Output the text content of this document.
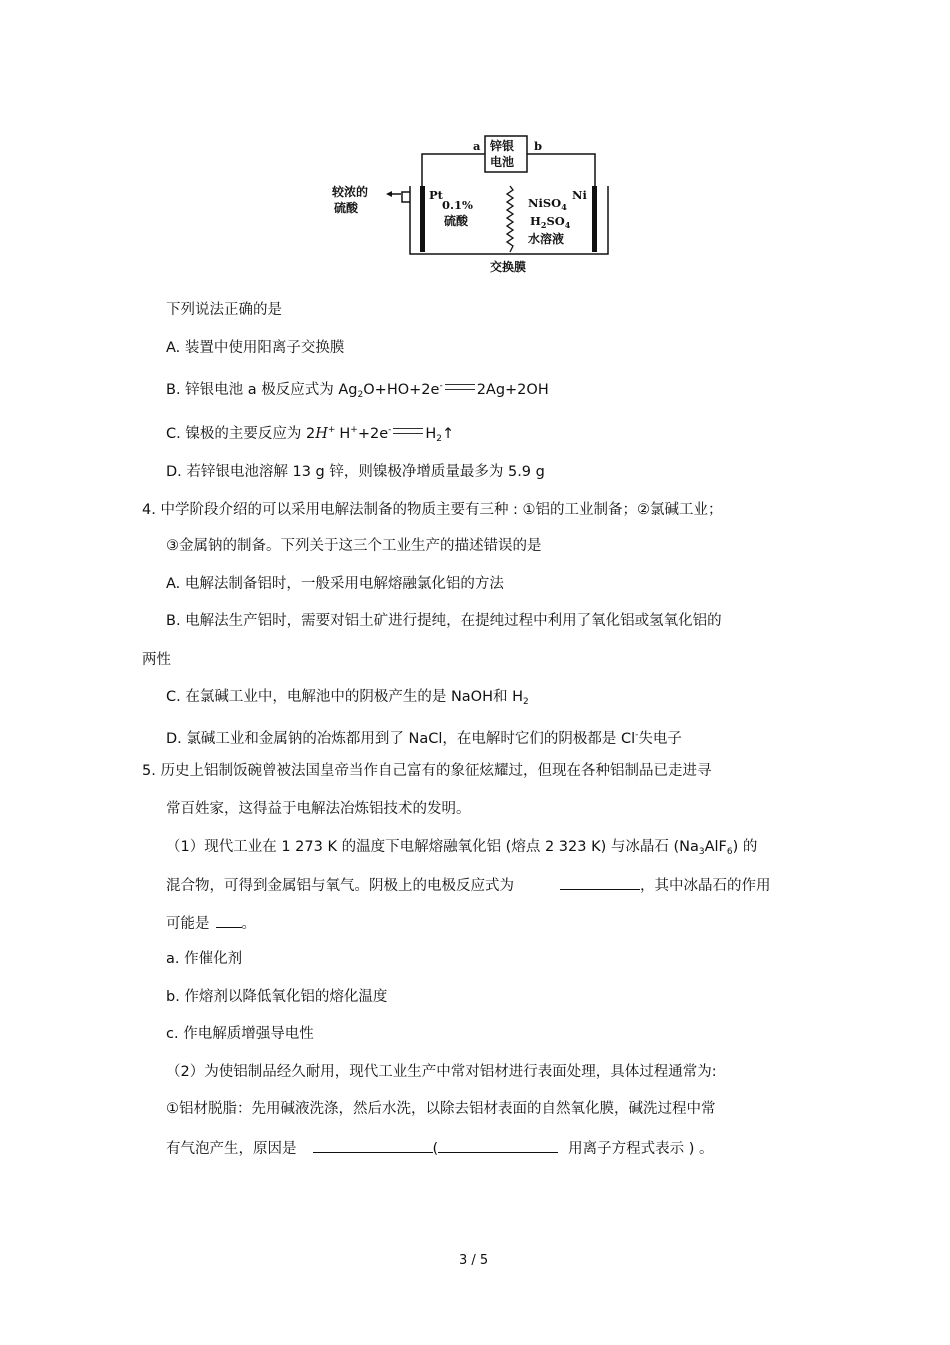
锌银
电池
a	b
较浓的
硫酸
Pt	Ni
0.1%
硫酸
NiSO$_4$
$H_2SO_4$
水溶液
交换膜
下列说法正确的是
A. 装置中使用阳离子交换膜
B. 锌银电池 a 极反应式为 $Ag_2O+HO+2e^-$ 2Ag+2OH
C. 镍极的主要反应为 2H+ H++2e- $H_2↑$
D. 若锌银电池溶解 13 g 锌，则镍极净增质量最多为 5.9 g
4. 中学阶段介绍的可以采用电解法制备的物质主要有三种 : ①铝的工业制备；②氯碱工业；
③金属钠的制备。下列关于这三个工业生产的描述错误的是
A. 电解法制备铝时，一般采用电解熔融氯化铝的方法
B. 电解法生产铝时，需要对铝土矿进行提纯，在提纯过程中利用了氧化铝或氢氧化铝的
两性
C. 在氯碱工业中，电解池中的阴极产生的是 NaOH和 $H_2$
D. 氯碱工业和金属钠的冶炼都用到了 NaCl，在电解时它们的阴极都是 Cl-失电子
5. 历史上铝制饭碗曾被法国皇帝当作自己富有的象征炫耀过，但现在各种铝制品已走进寻
常百姓家，这得益于电解法冶炼铝技术的发明。
（1）现代工业在 1 273 K 的温度下电解熔融氧化铝 (熔点 2 323 K) 与冰晶石 $(Na_3AlF_6)$ 的
混合物，可得到金属铝与氧气。阴极上的电极反应式为	，其中冰晶石的作用
可能是 。
a. 作催化剂
b. 作熔剂以降低氧化铝的熔化温度
c. 作电解质增强导电性
（2）为使铝制品经久耐用，现代工业生产中常对铝材进行表面处理，具体过程通常为:
①铝材脱脂：先用碱液洗涤，然后水洗，以除去铝材表面的自然氧化膜，碱洗过程中常
有气泡产生，原因是	(	用离子方程式表示 ) 。
3 / 5
